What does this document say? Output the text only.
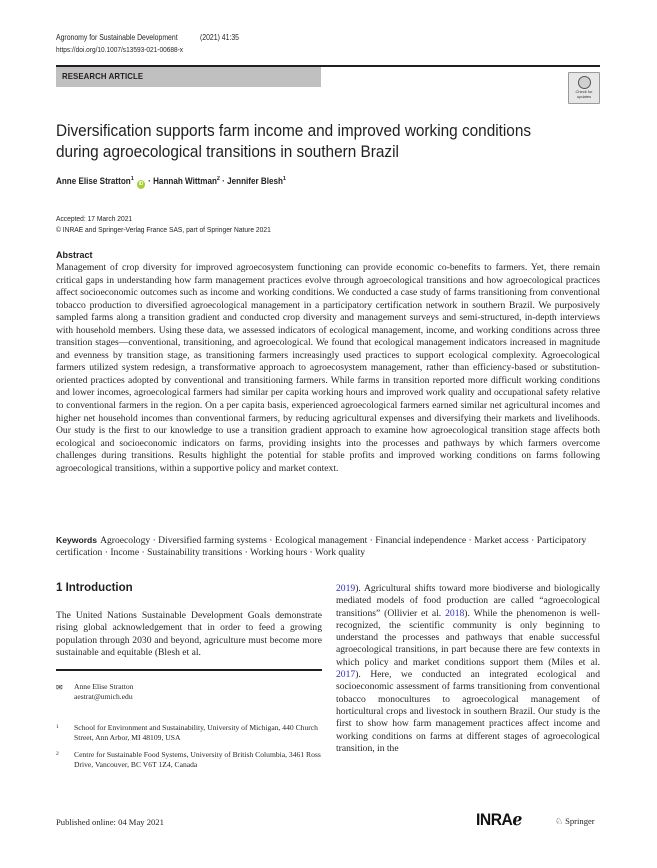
Agronomy for Sustainable Development	(2021) 41:35
https://doi.org/10.1007/s13593-021-00688-x
RESEARCH ARTICLE
Check for
updates
Diversification supports farm income and improved working conditions during agroecological transitions in southern Brazil
Anne Elise Stratton$^1$ iD · Hannah Wittman$^2$ · Jennifer Blesh$^1$
Accepted: 17 March 2021
© INRAE and Springer-Verlag France SAS, part of Springer Nature 2021
Abstract

Management of crop diversity for improved agroecosystem functioning can provide economic co-benefits to farmers. Yet, there remain critical gaps in understanding how farm management practices evolve through agroecological transitions and how agroecological practices affect socioeconomic outcomes such as income and working conditions. We conducted a case study of farms transitioning from conventional tobacco production to diversified agroecological management in a participatory certification network in southern Brazil. We purposively sampled farms along a transition gradient and conducted crop diversity and management surveys and semi-structured, in-depth interviews with household members. Using these data, we assessed indicators of ecological management, income, and working conditions across three transition stages—conventional, transitioning, and agroecological. We found that ecological management indicators increased in magnitude and evenness by transition stage, as transitioning farmers increasingly used practices to support ecological complexity. Agroecological farmers utilized system redesign, a transformative approach to agroecosystem management, rather than efficiency-based or substitution-oriented practices adopted by conventional and transitioning farmers. While farms in transition reported more difficult working conditions and lower incomes, agroecological farmers had similar per capita working hours and improved work quality and occupational safety relative to conventional farmers in the region. On a per capita basis, experienced agroecological farmers earned similar net agricultural incomes and higher net household incomes than conventional farmers, by reducing agricultural expenses and diversifying their markets and livelihoods. Our study is the first to our knowledge to use a transition gradient approach to examine how agroecological transition stage affects both ecological and socioeconomic indicators on farms, providing insights into the processes and pathways by which farmers overcome challenges during transitions. Results highlight the potential for stable profits and improved working conditions on farms following agroecological transitions, within a supportive policy and market context.

Keywords Agroecology · Diversified farming systems · Ecological management · Financial independence · Market access · Participatory certification · Income · Sustainability transitions · Working hours · Work quality
1 Introduction

The United Nations Sustainable Development Goals demonstrate rising global acknowledgement that in order to feed a growing population through 2030 and beyond, agriculture must become more sustainable and equitable (Blesh et al.

2019). Agricultural shifts toward more biodiverse and biologically mediated models of food production are called “agroecological transitions” (Ollivier et al. 2018). While the phenomenon is well-recognized, the scientific community is only beginning to understand the processes and pathways that enable successful agroecological transitions, in part because there are few contexts in which policy and market conditions support them (Miles et al. 2017). Here, we conducted an integrated ecological and socioeconomic assessment of farms transitioning from conventional tobacco monocultures to agroecological management of horticultural crops and livestock in southern Brazil. Our study is the first to show how farm management practices affect income and working conditions on farms at different stages of agroecological transition, in the

✉ Anne Elise Stratton
aestrat@umich.edu
1 School for Environment and Sustainability, University of Michigan, 440 Church Street, Ann Arbor, MI 48109, USA
2 Centre for Sustainable Food Systems, University of British Columbia, 3461 Ross Drive, Vancouver, BC V6T 1Z4, Canada
Published online: 04 May 2021	INRAℯ	♘ Springer
